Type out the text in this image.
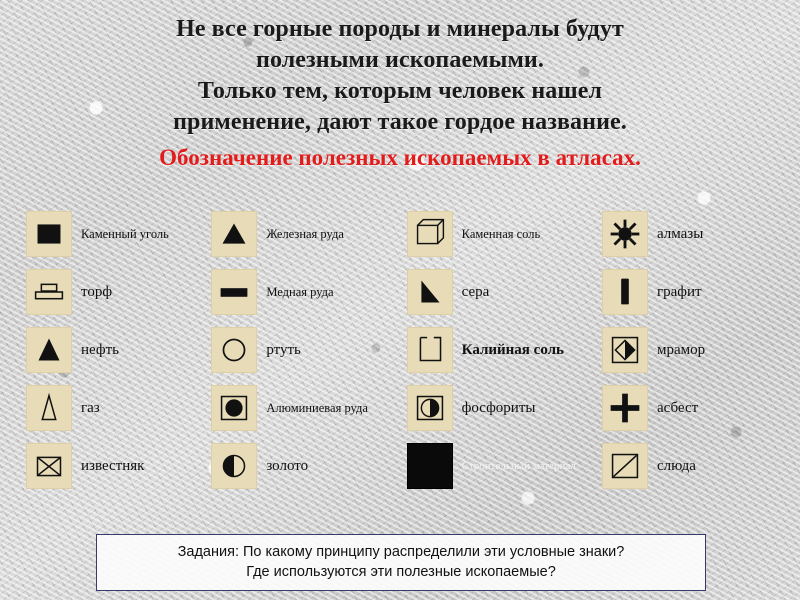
Не все горные породы и минералы будут
полезными ископаемыми.
Только тем, которым человек нашел
применение, дают такое гордое название.
Обозначение полезных ископаемых в атласах.
Каменный уголь
торф
нефть
газ
известняк
Железная руда
Медная руда
ртуть
Алюминиевая руда
золото
Каменная соль
сера
Калийная соль
фосфориты
Строительный материал
алмазы
графит
мрамор
асбест
слюда
Задания: По какому принципу распределили эти условные знаки?
Где используются эти полезные ископаемые?
